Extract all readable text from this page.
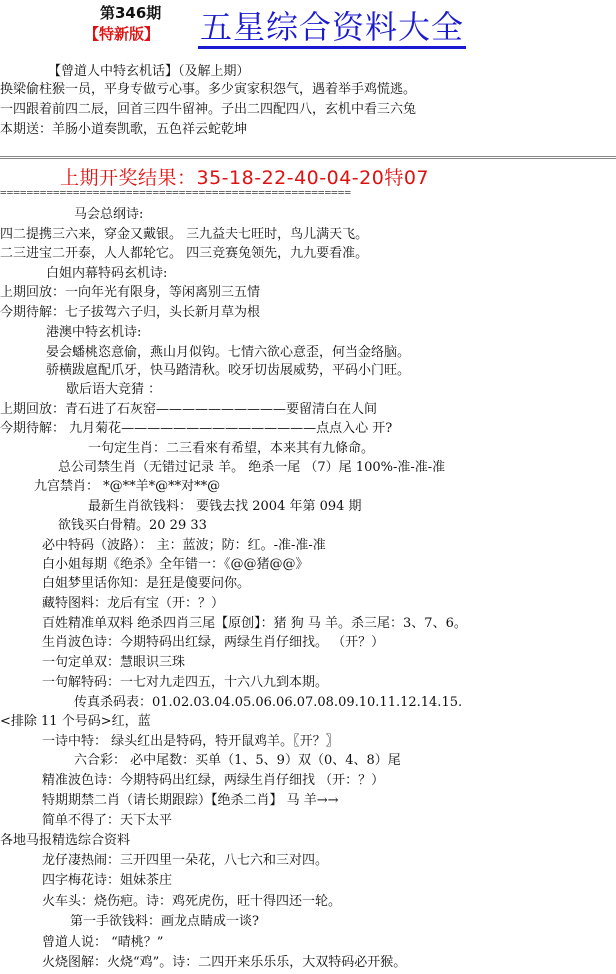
第346期
【特新版】 五星综合资料大全
上期开奖结果：35-18-22-40-04-20特07
=====================================================
【曾道人中特玄机话】（及解上期）
换梁偷柱猴一员，平身专做亏心事。多少寅家积怨气，遇着举手鸡慌逃。
一四跟着前四二辰，回首三四牛留神。子出二四配四八，玄机中看三六兔
本期送：羊肠小道奏凯歌，五色祥云蛇乾坤
马会总纲诗:
四二提携三六来，穿金又戴银。 三九益夫七旺时，鸟儿满天飞。
二三进宝二开泰，人人都轮它。 四三竞赛兔领先，九九要看准。
白姐内幕特码玄机诗:
上期回放：一向年光有限身，等闲离别三五情
今期待解：七子拔驾六子归，头长新月草为根
港澳中特玄机诗:
晏会蟠桃恣意偷，燕山月似钩。七情六欲心意歪，何当金络脑。
骄横跋扈配爪牙，快马踏清秋。咬牙切齿展威势，平码小门旺。
歇后语大竞猜 ：
上期回放：青石进了石灰窑——————————要留清白在人间
今期待解： 九月菊花———————————————点点入心 开?
一句定生肖：二三看來有希望，本来其有九條命。
总公司禁生肖（无错过记录 羊。 绝杀一尾 （7）尾 100%-准-准-准
九宫禁肖： *@**羊*@**对**@
最新生肖欲钱料： 要钱去找 2004 年第 094 期
欲钱买白骨精。20 29 33
必中特码（波路）： 主：蓝波；防：红。-准-准-准
白小姐每期《绝杀》全年错一：《@@猪@@》
白姐梦里话你知：是狂是傻要问你。
藏特图料：龙后有宝（开：？）
百姓精准单双料 绝杀四肖三尾【原创】：猪 狗 马 羊。杀三尾：3、7、6。
生肖波色诗：今期特码出红绿，两绿生肖仔细找。 （开？）
一句定单双：慧眼识三珠
一句解特码：一七对九走四五，十六八九到本期。
传真杀码表：01.02.03.04.05.06.06.07.08.09.10.11.12.14.15.
<排除 11 个号码>红，蓝
一诗中特： 绿头红出是特码，特开鼠鸡羊。〖开？〗
六合彩： 必中尾数：买单（1、5、9）双（0、4、8）尾
精准波色诗：今期特码出红绿，两绿生肖仔细找 （开：？）
特期期禁二肖（请长期跟踪）【绝杀二肖】 马 羊→→
简单不得了：天下太平
各地马报精选综合资料
龙仔凄热闹：三开四里一朵花，八七六和三对四。
四字梅花诗：姐妹茶庄
火车头：烧伤疤。诗：鸡死虎伤，旺十得四还一轮。
第一手欲钱料：画龙点睛成一谈?
曾道人说： “晴桃？”
火烧图解：火烧“鸡”。诗：二四开来乐乐乐，大双特码必开猴。
